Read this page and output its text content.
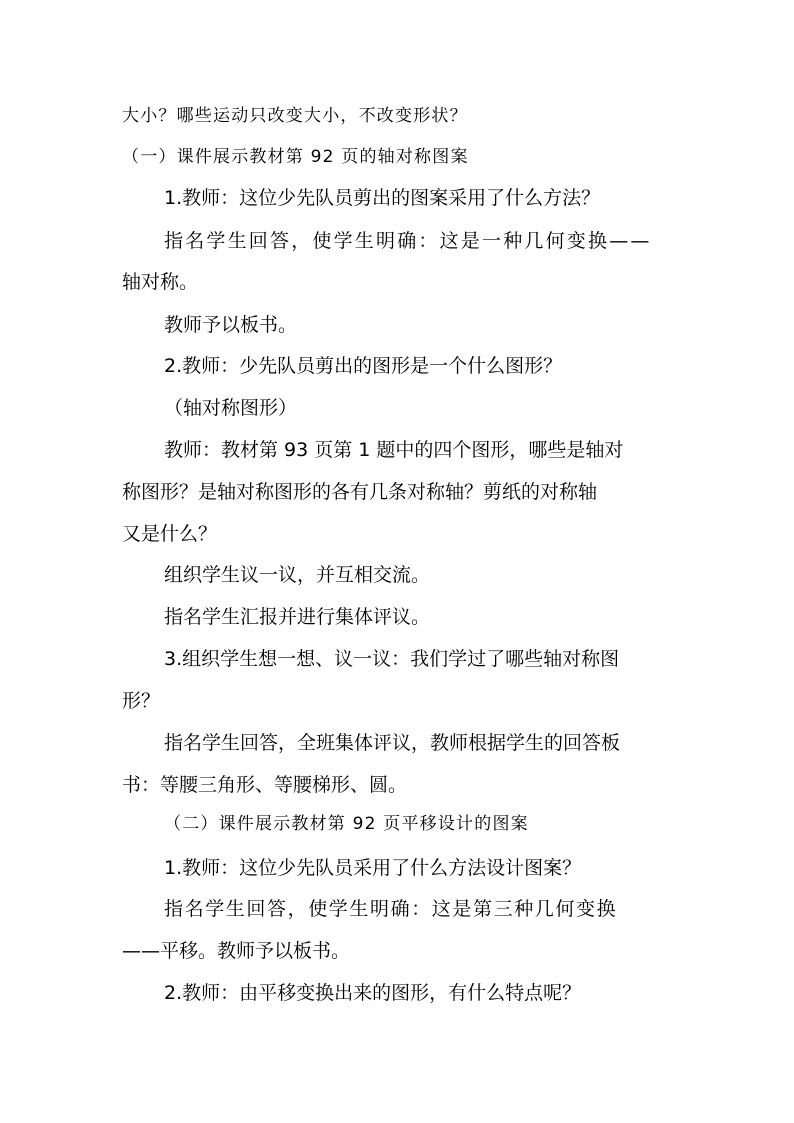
大小？哪些运动只改变大小，不改变形状？
（一）课件展示教材第 92 页的轴对称图案
1.教师：这位少先队员剪出的图案采用了什么方法？
指名学生回答，使学生明确：这是一种几何变换——
轴对称。
教师予以板书。
2.教师：少先队员剪出的图形是一个什么图形？
（轴对称图形）
教师：教材第 93 页第 1 题中的四个图形，哪些是轴对
称图形？是轴对称图形的各有几条对称轴？剪纸的对称轴
又是什么？
组织学生议一议，并互相交流。
指名学生汇报并进行集体评议。
3.组织学生想一想、议一议：我们学过了哪些轴对称图
形？
指名学生回答，全班集体评议，教师根据学生的回答板
书：等腰三角形、等腰梯形、圆。
（二）课件展示教材第 92 页平移设计的图案
1.教师：这位少先队员采用了什么方法设计图案？
指名学生回答，使学生明确：这是第三种几何变换
——平移。教师予以板书。
2.教师：由平移变换出来的图形，有什么特点呢？
